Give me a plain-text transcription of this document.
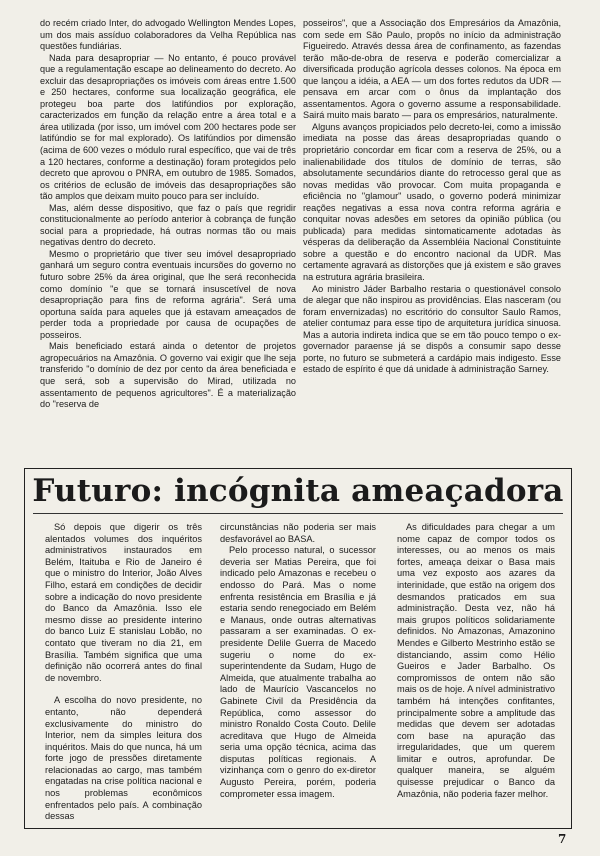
do recém criado Inter, do advogado Wellington Mendes Lopes, um dos mais assíduo colaboradores da Velha República nas questões fundiárias.

Nada para desapropriar — No entanto, é pouco provável que a regulamentação escape ao delineamento do decreto. Ao excluir das desapropriações os imóveis com áreas entre 1.500 e 250 hectares, conforme sua localização geográfica, ele protegeu boa parte dos latifúndios por exploração, caracterizados em função da relação entre a área total e a área utilizada (por isso, um imóvel com 200 hectares pode ser latifúndio se for mal explorado). Os latifúndios por dimensão (acima de 600 vezes o módulo rural específico, que vai de três a 120 hectares, conforme a destinação) foram protegidos pelo decreto que aprovou o PNRA, em outubro de 1985. Somados, os critérios de eclusão de imóveis das desapropriações são tão amplos que deixam muito pouco para ser incluído.

Mas, além desse dispositivo, que faz o país que regridir constitucionalmente ao período anterior à cobrança de função social para a propriedade, há outras normas tão ou mais negativas dentro do decreto.

Mesmo o proprietário que tiver seu imóvel desapropriado ganhará um seguro contra eventuais incursões do governo no futuro sobre 25% da área original, que lhe será reconhecida como domínio "e que se tornará insuscetível de nova desapropriação para fins de reforma agrária". Será uma oportuna saída para aqueles que já estavam ameaçados de perder toda a propriedade por causa de ocupações de posseiros.

Mais beneficiado estará ainda o detentor de projetos agropecuários na Amazônia. O governo vai exigir que lhe seja transferido "o domínio de dez por cento da área beneficiada e que será, sob a supervisão do Mirad, utilizada no assentamento de pequenos agricultores". É a materialização do "reserva de

posseiros", que a Associação dos Empresários da Amazônia, com sede em São Paulo, propôs no início da administração Figueiredo. Através dessa área de confinamento, as fazendas terão mão-de-obra de reserva e poderão comercializar a diversificada produção agrícola desses colonos. Na época em que lançou a idéia, a AEA — um dos fortes redutos da UDR — pensava em arcar com o ônus da implantação dos assentamentos. Agora o governo assume a responsabilidade. Sairá muito mais barato — para os empresários, naturalmente.

Alguns avanços propiciados pelo decreto-lei, como a imissão imediata na posse das áreas desapropriadas quando o proprietário concordar em ficar com a reserva de 25%, ou a inalienabilidade dos títulos de domínio de terras, são absolutamente secundários diante do retrocesso geral que as novas medidas vão provocar. Com muita propaganda e eficiência no "glamour" usado, o governo poderá minimizar reações negativas a essa nova contra reforma agrária e conquitar novas adesões em setores da opinião pública (ou publicada) para medidas sintomaticamente adotadas às vésperas da deliberação da Assembléia Nacional Constituinte sobre a questão e do encontro nacional da UDR. Mas certamente agravará as distorções que já existem e são graves na estrutura agrária brasileira.

Ao ministro Jáder Barbalho restaria o questionável consolo de alegar que não inspirou as providências. Elas nasceram (ou foram envernizadas) no escritório do consultor Saulo Ramos, atelier contumaz para esse tipo de arquitetura jurídica sinuosa. Mas a autoria indireta indica que se em tão pouco tempo o ex-governador paraense já se dispôs a consumir sapo desse porte, no futuro se submeterá a cardápio mais indigesto. Esse estado de espírito é que dá unidade à administração Sarney.

Futuro: incógnita ameaçadora

Só depois que digerir os três alentados volumes dos inquéritos administrativos instaurados em Belém, Itaituba e Rio de Janeiro é que o ministro do Interior, João Alves Filho, estará em condições de decidir sobre a indicação do novo presidente do Banco da Amazônia. Isso ele mesmo disse ao presidente interino do banco Luiz E stanislau Lobão, no contato que tiveram no dia 21, em Brasília. Também significa que uma definição não ocorrerá antes do final de novembro.

A escolha do novo presidente, no entanto, não dependerá exclusivamente do ministro do Interior, nem da simples leitura dos inquéritos. Mais do que nunca, há um forte jogo de pressões diretamente relacionadas ao cargo, mas também engatadas na crise política nacional e nos problemas econômicos enfrentados pelo país. A combinação dessas

circunstâncias não poderia ser mais desfavorável ao BASA.

Pelo processo natural, o sucessor deveria ser Matias Pereira, que foi indicado pelo Amazonas e recebeu o endosso do Pará. Mas o nome enfrenta resistência em Brasília e já estaria sendo renegociado em Belém e Manaus, onde outras alternativas passaram a ser examinadas. O ex-presidente Delile Guerra de Macedo sugeriu o nome do ex-superintendente da Sudam, Hugo de Almeida, que atualmente trabalha ao lado de Maurício Vascancelos no Gabinete Civil da Presidência da República, como assessor do ministro Ronaldo Costa Couto. Delile acreditava que Hugo de Almeida seria uma opção técnica, acima das disputas políticas regionais. A vizinhança com o genro do ex-diretor Augusto Pereira, porém, poderia comprometer essa imagem.

As dificuldades para chegar a um nome capaz de compor todos os interesses, ou ao menos os mais fortes, ameaça deixar o Basa mais uma vez exposto aos azares da interinidade, que estão na origem dos desmandos praticados em sua administração. Desta vez, não há mais grupos políticos solidariamente definidos. No Amazonas, Amazonino Mendes e Gilberto Mestrinho estão se distanciando, assim como Hélio Gueiros e Jader Barbalho. Os compromissos de ontem não são mais os de hoje. A nível administrativo também há intenções confitantes, principalmente sobre a amplitude das medidas que devem ser adotadas com base na apuração das irregularidades, que um querem limitar e outros, aprofundar. De qualquer maneira, se alguém quisesse prejudicar o Banco da Amazônia, não poderia fazer melhor.

7
